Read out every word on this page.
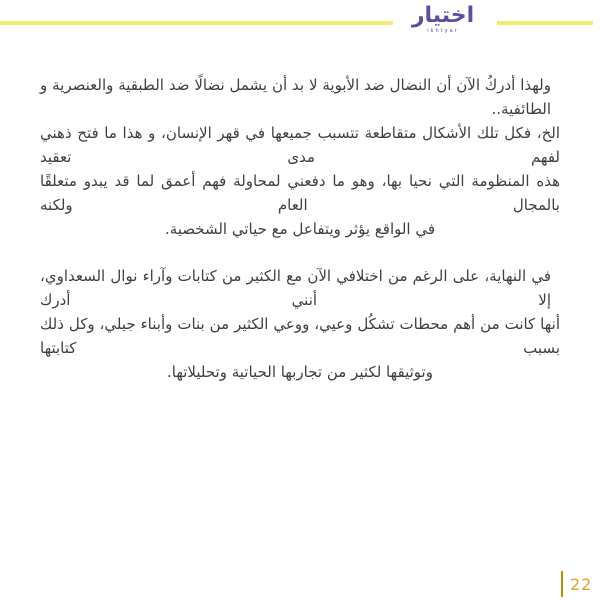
اختيار
ikhtyar
ولهذا أدركُ الآن أن النضال ضد الأبوية لا بد أن يشمل نضالًا ضد الطبقية والعنصرية و الطائفية..
الخ، فكل تلك الأشكال متقاطعة تتسبب جميعها في قهر الإنسان، و هذا ما فتح ذهني لفهم مدى تعقيد
هذه المنظومة التي نحيا بها، وهو ما دفعني لمحاولة فهم أعمق لما قد يبدو متعلقًا بالمجال العام ولكنه
في الواقع يؤثر ويتفاعل مع حياتي الشخصية.
في النهاية، على الرغم من اختلافي الآن مع الكثير من كتابات وآراء نوال السعداوي، إلا أنني أدرك
أنها كانت من أهم محطات تشكُل وعيي، ووعي الكثير من بنات وأبناء جيلي، وكل ذلك بسبب كتابتها
وتوثيقها لكثير من تجاربها الحياتية وتحليلاتها.
22
